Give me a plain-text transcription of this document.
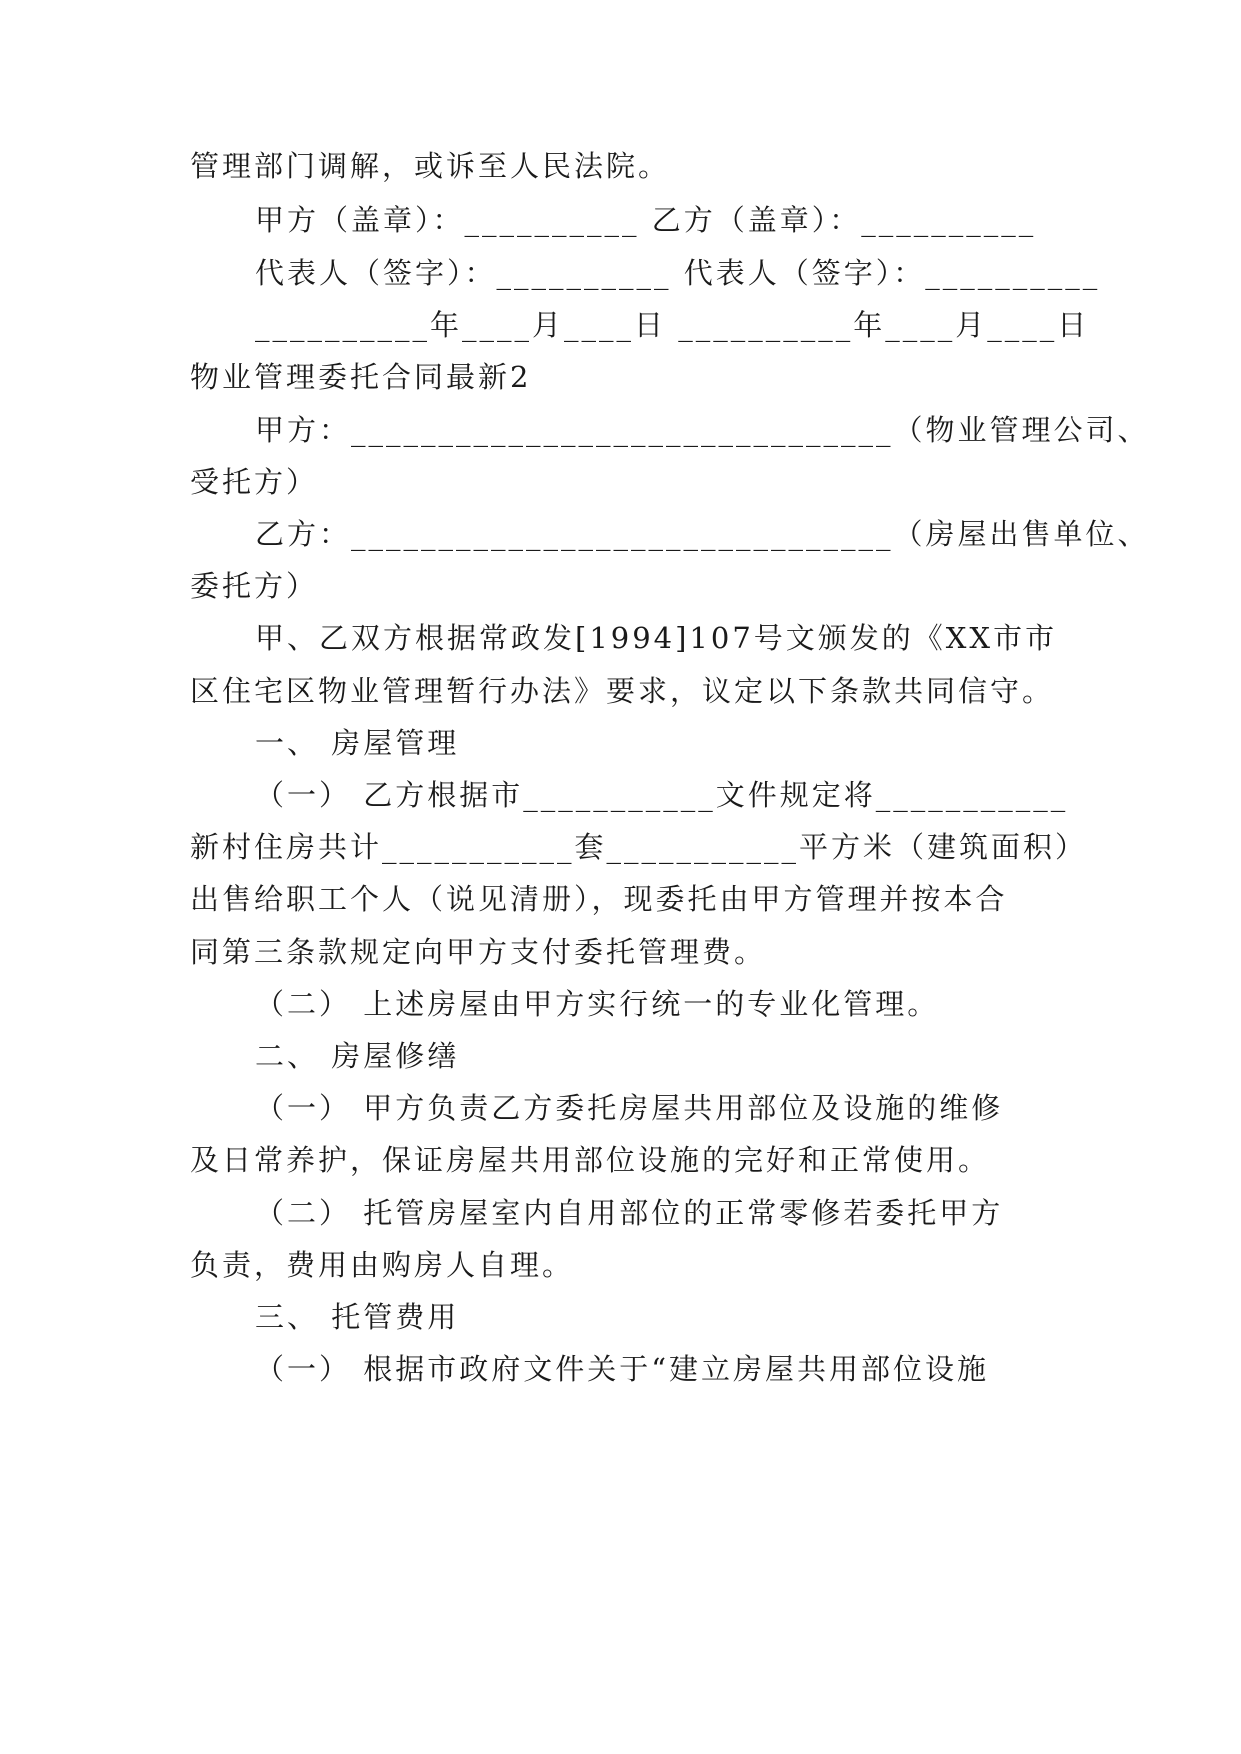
管理部门调解，或诉至人民法院。
甲方（盖章）：__________ 乙方（盖章）：__________
代表人（签字）：__________ 代表人（签字）：__________
__________年____月____日 __________年____月____日
物业管理委托合同最新2
甲方：_______________________________（物业管理公司、
受托方）
乙方：_______________________________（房屋出售单位、
委托方）
甲、乙双方根据常政发[1994]107号文颁发的《XX市市
区住宅区物业管理暂行办法》要求，议定以下条款共同信守。
一、 房屋管理
（一） 乙方根据市___________文件规定将___________
新村住房共计___________套___________平方米（建筑面积）
出售给职工个人（说见清册），现委托由甲方管理并按本合
同第三条款规定向甲方支付委托管理费。
（二） 上述房屋由甲方实行统一的专业化管理。
二、 房屋修缮
（一） 甲方负责乙方委托房屋共用部位及设施的维修
及日常养护，保证房屋共用部位设施的完好和正常使用。
（二） 托管房屋室内自用部位的正常零修若委托甲方
负责，费用由购房人自理。
三、 托管费用
（一） 根据市政府文件关于“建立房屋共用部位设施
